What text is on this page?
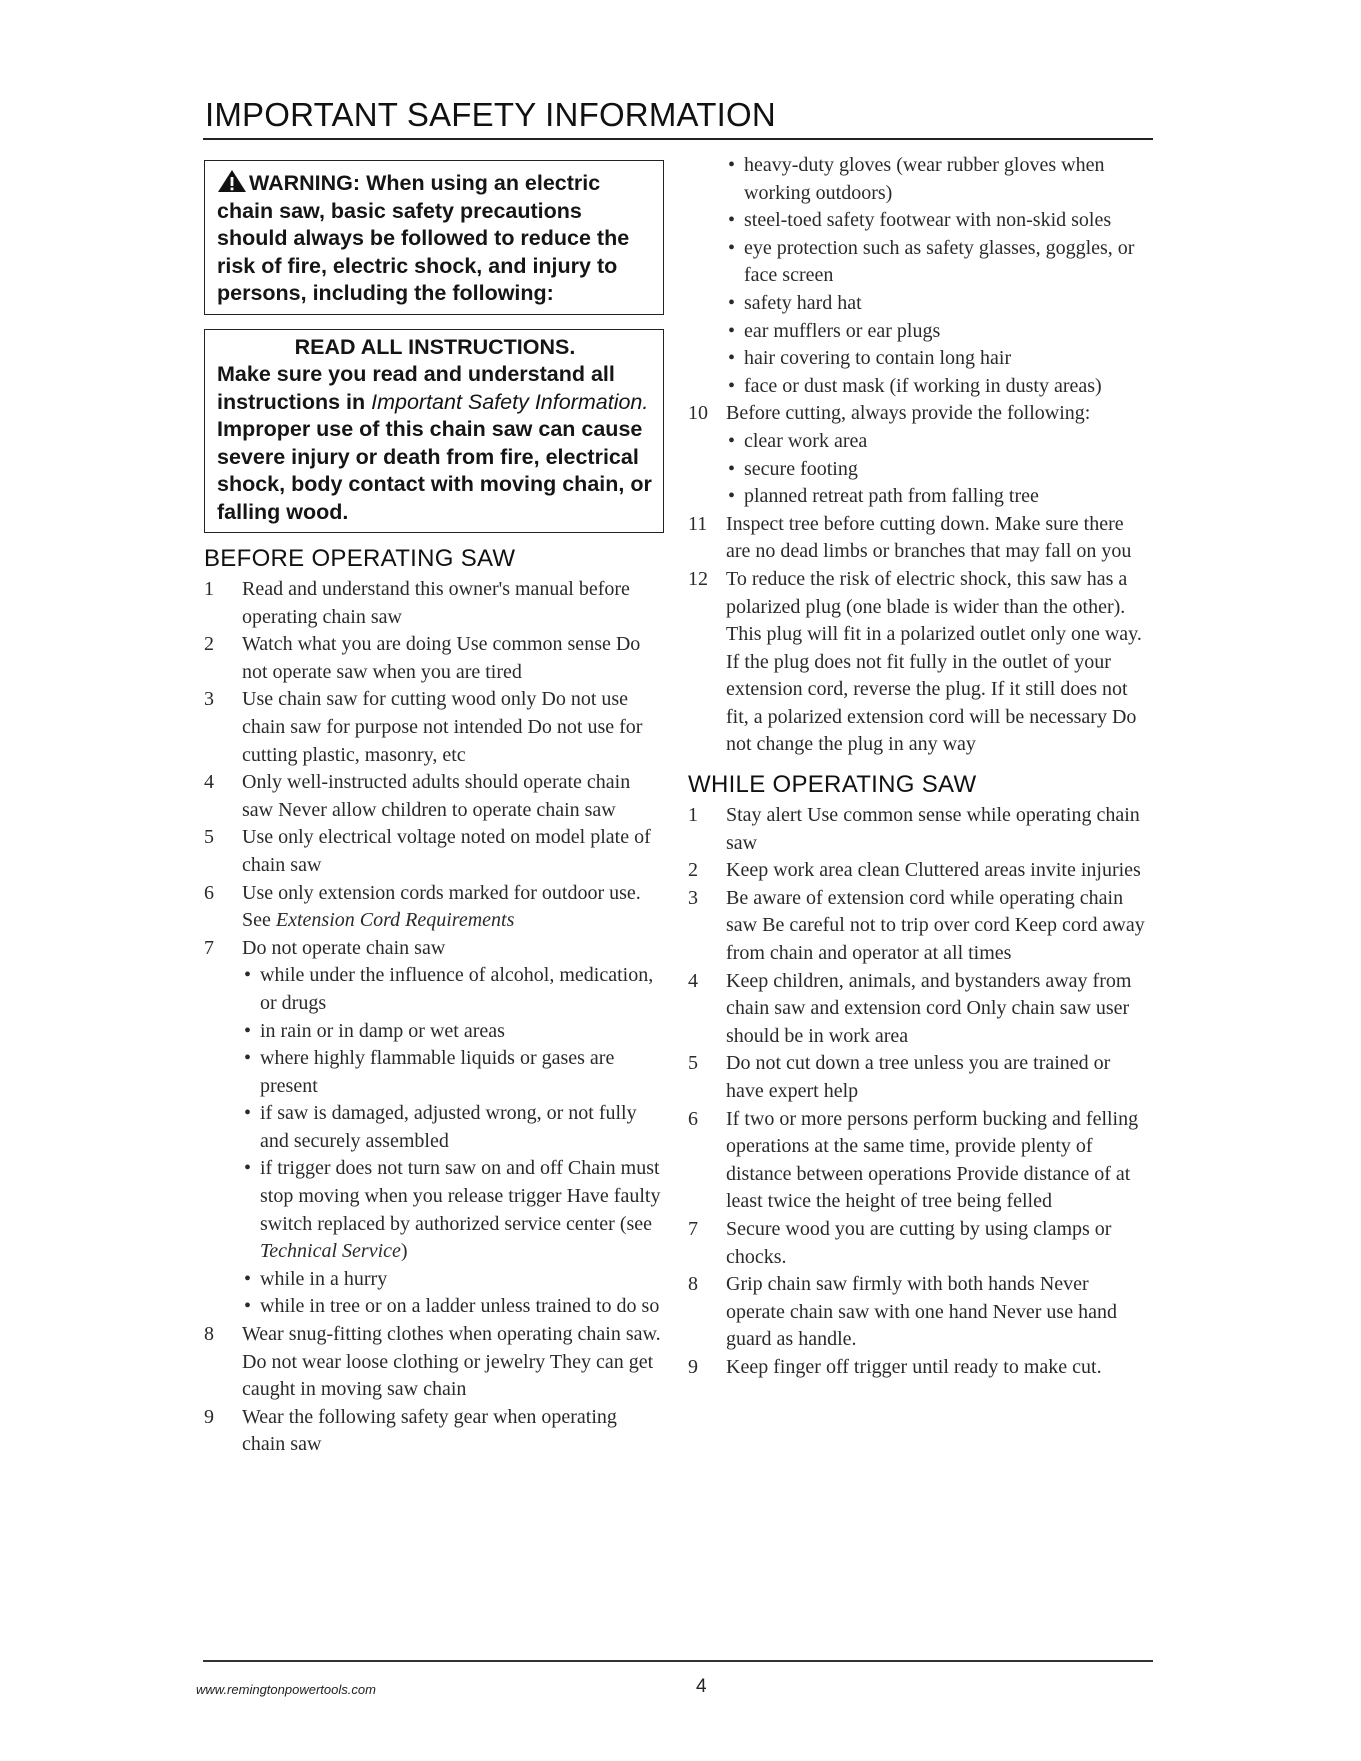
IMPORTANT SAFETY INFORMATION
WARNING: When using an electric chain saw, basic safety precautions should always be followed to reduce the risk of fire, electric shock, and injury to persons, including the following:
READ ALL INSTRUCTIONS.
Make sure you read and understand all instructions in Important Safety Information. Improper use of this chain saw can cause severe injury or death from fire, electrical shock, body contact with moving chain, or falling wood.
BEFORE OPERATING SAW
1	Read and understand this owner's manual before operating chain saw
2	Watch what you are doing Use common sense Do not operate saw when you are tired
3	Use chain saw for cutting wood only Do not use chain saw for purpose not intended Do not use for cutting plastic, masonry, etc
4	Only well-instructed adults should operate chain saw Never allow children to operate chain saw
5	Use only electrical voltage noted on model plate of chain saw
6	Use only extension cords marked for outdoor use. See Extension Cord Requirements
7	Do not operate chain saw
• while under the influence of alcohol, medication, or drugs
• in rain or in damp or wet areas
• where highly flammable liquids or gases are present
• if saw is damaged, adjusted wrong, or not fully and securely assembled
• if trigger does not turn saw on and off Chain must stop moving when you release trigger Have faulty switch replaced by authorized service center (see Technical Service)
• while in a hurry
• while in tree or on a ladder unless trained to do so
8	Wear snug-fitting clothes when operating chain saw. Do not wear loose clothing or jewelry They can get caught in moving saw chain
9	Wear the following safety gear when operating chain saw
• heavy-duty gloves (wear rubber gloves when working outdoors)
• steel-toed safety footwear with non-skid soles
• eye protection such as safety glasses, goggles, or face screen
• safety hard hat
• ear mufflers or ear plugs
• hair covering to contain long hair
• face or dust mask (if working in dusty areas)
10 Before cutting, always provide the following:
• clear work area
• secure footing
• planned retreat path from falling tree
11 Inspect tree before cutting down. Make sure there are no dead limbs or branches that may fall on you
12 To reduce the risk of electric shock, this saw has a polarized plug (one blade is wider than the other). This plug will fit in a polarized outlet only one way. If the plug does not fit fully in the outlet of your extension cord, reverse the plug. If it still does not fit, a polarized extension cord will be necessary Do not change the plug in any way
WHILE OPERATING SAW
1	Stay alert Use common sense while operating chain saw
2	Keep work area clean Cluttered areas invite injuries
3	Be aware of extension cord while operating chain saw Be careful not to trip over cord Keep cord away from chain and operator at all times
4	Keep children, animals, and bystanders away from chain saw and extension cord Only chain saw user should be in work area
5	Do not cut down a tree unless you are trained or have expert help
6	If two or more persons perform bucking and felling operations at the same time, provide plenty of distance between operations Provide distance of at least twice the height of tree being felled
7	Secure wood you are cutting by using clamps or chocks.
8	Grip chain saw firmly with both hands Never operate chain saw with one hand Never use hand guard as handle.
9	Keep finger off trigger until ready to make cut.
www.remingtonpowertools.com	4
